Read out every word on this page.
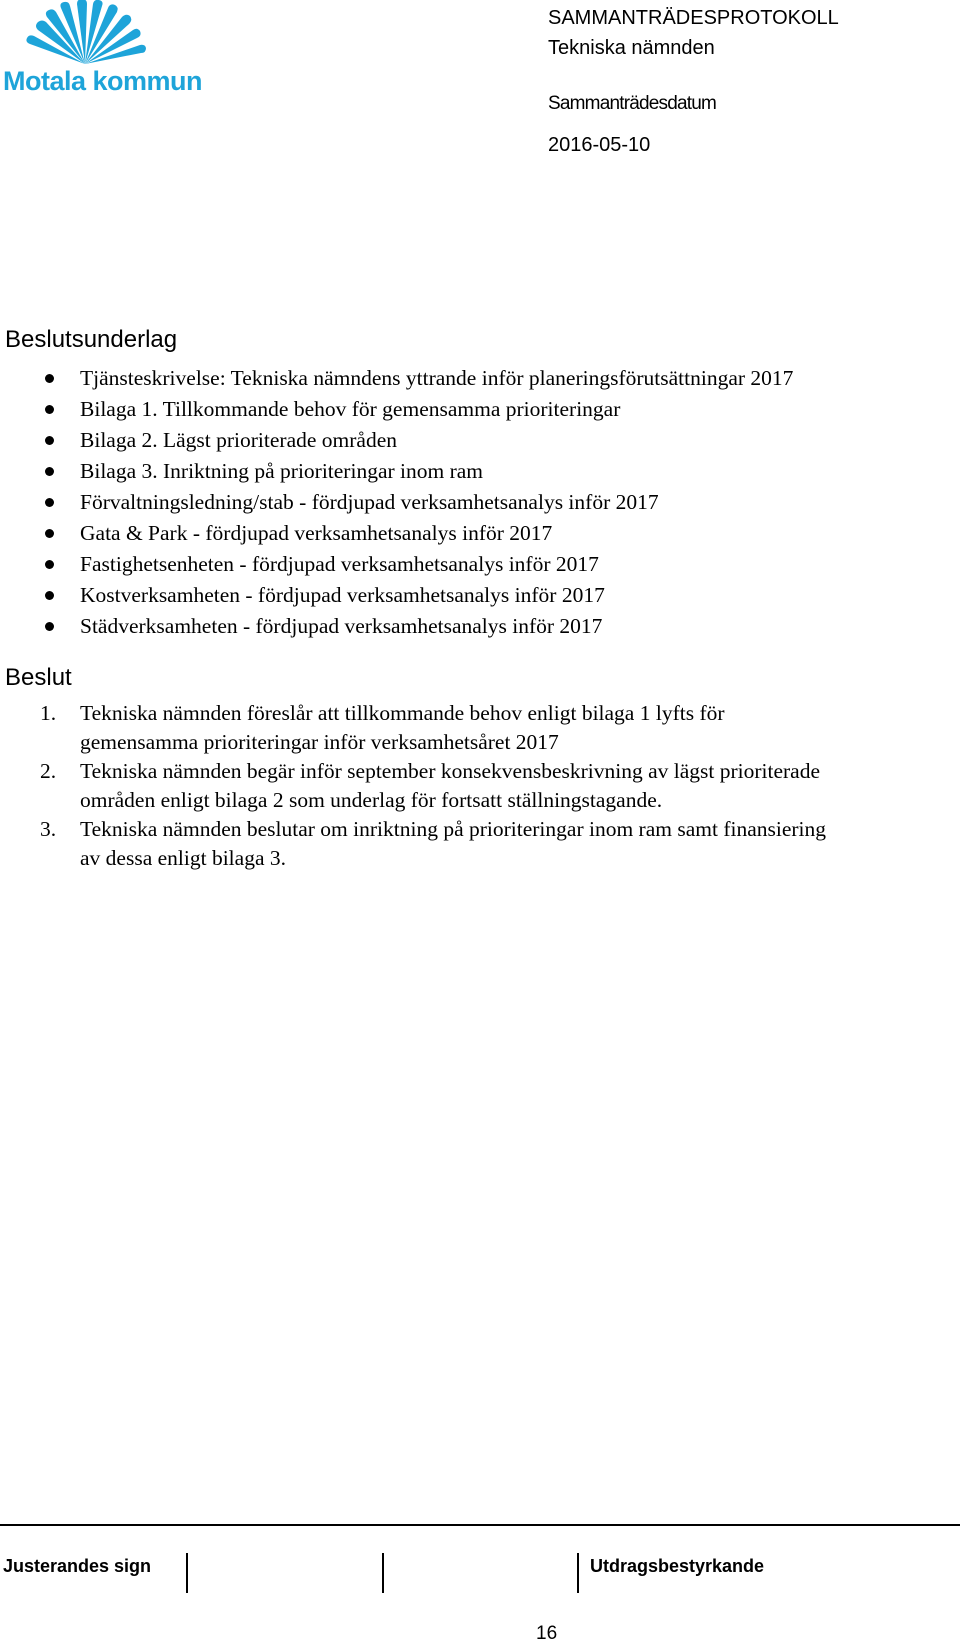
Motala kommun
SAMMANTRÄDESPROTOKOLL
Tekniska nämnden
Sammanträdesdatum
2016-05-10
Beslutsunderlag
Tjänsteskrivelse: Tekniska nämndens yttrande inför planeringsförutsättningar 2017
Bilaga 1. Tillkommande behov för gemensamma prioriteringar
Bilaga 2. Lägst prioriterade områden
Bilaga 3. Inriktning på prioriteringar inom ram
Förvaltningsledning/stab - fördjupad verksamhetsanalys inför 2017
Gata & Park - fördjupad verksamhetsanalys inför 2017
Fastighetsenheten - fördjupad verksamhetsanalys inför 2017
Kostverksamheten - fördjupad verksamhetsanalys inför 2017
Städverksamheten - fördjupad verksamhetsanalys inför 2017
Beslut
1. Tekniska nämnden föreslår att tillkommande behov enligt bilaga 1 lyfts för
gemensamma prioriteringar inför verksamhetsåret 2017
2. Tekniska nämnden begär inför september konsekvensbeskrivning av lägst prioriterade
områden enligt bilaga 2 som underlag för fortsatt ställningstagande.
3. Tekniska nämnden beslutar om inriktning på prioriteringar inom ram samt finansiering
av dessa enligt bilaga 3.
Justerandes sign	Utdragsbestyrkande
16
